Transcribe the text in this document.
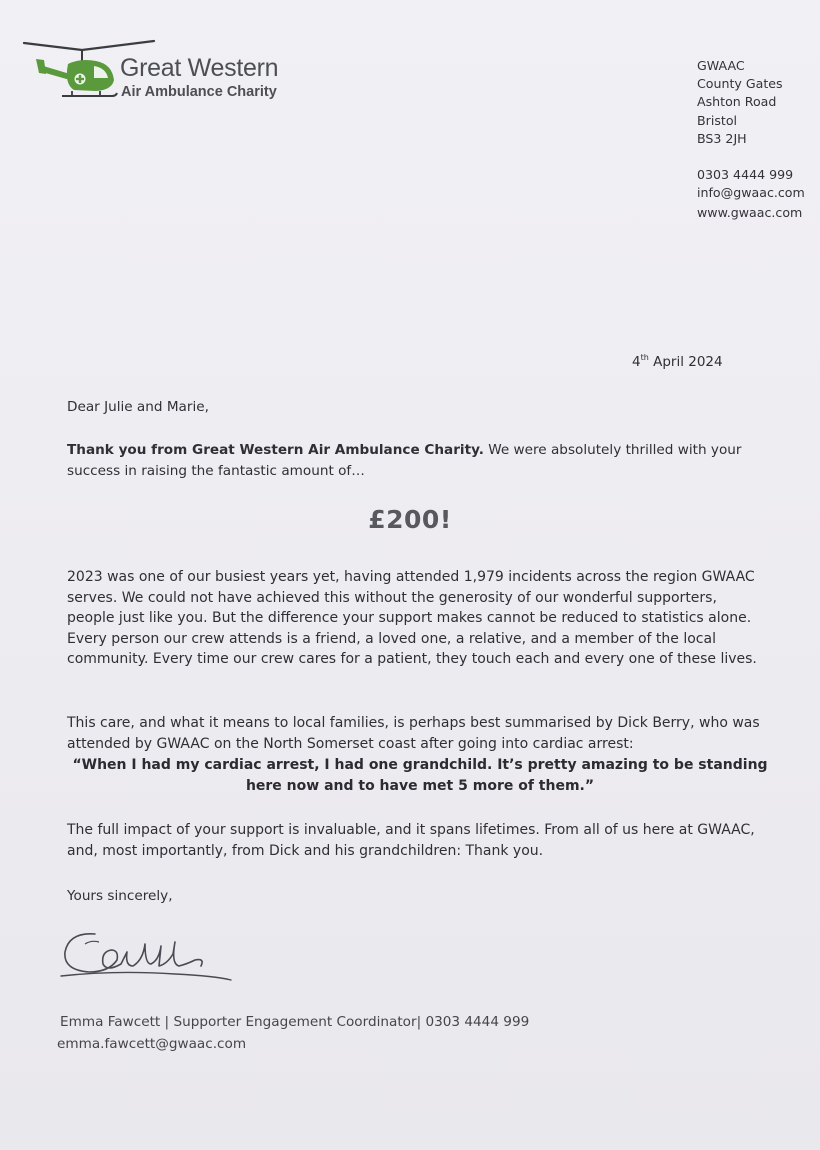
Great Western
Air Ambulance Charity
GWAAC
County Gates
Ashton Road
Bristol
BS3 2JH
0303 4444 999
info@gwaac.com
www.gwaac.com
4th April 2024
Dear Julie and Marie,
Thank you from Great Western Air Ambulance Charity. We were absolutely thrilled with your success in raising the fantastic amount of…
£200!
2023 was one of our busiest years yet, having attended 1,979 incidents across the region GWAAC serves. We could not have achieved this without the generosity of our wonderful supporters, people just like you. But the difference your support makes cannot be reduced to statistics alone. Every person our crew attends is a friend, a loved one, a relative, and a member of the local community. Every time our crew cares for a patient, they touch each and every one of these lives.
This care, and what it means to local families, is perhaps best summarised by Dick Berry, who was attended by GWAAC on the North Somerset coast after going into cardiac arrest:
“When I had my cardiac arrest, I had one grandchild. It’s pretty amazing to be standing here now and to have met 5 more of them.”
The full impact of your support is invaluable, and it spans lifetimes. From all of us here at GWAAC, and, most importantly, from Dick and his grandchildren: Thank you.
Yours sincerely,
Emma Fawcett | Supporter Engagement Coordinator| 0303 4444 999
emma.fawcett@gwaac.com
